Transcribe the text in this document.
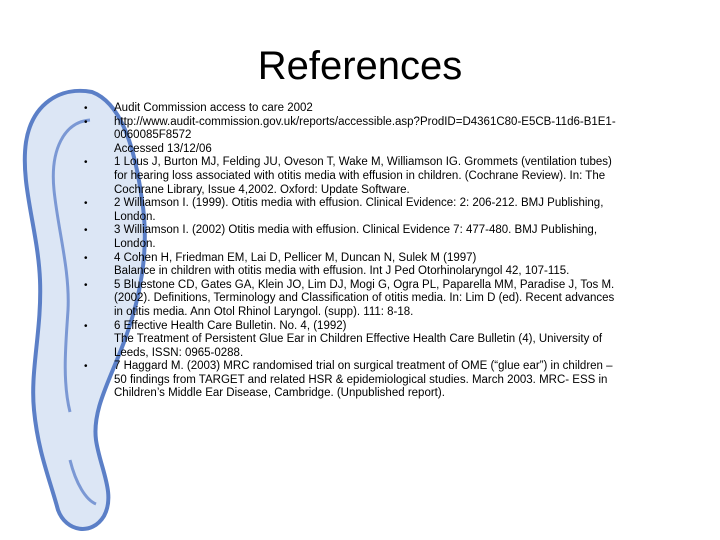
References
• Audit Commission access to care 2002
• http://www.audit-commission.gov.uk/reports/accessible.asp?ProdID=D4361C80-E5CB-11d6-B1E1-
0060085F8572
Accessed 13/12/06
• 1 Lous J, Burton MJ, Felding JU, Oveson T, Wake M, Williamson IG. Grommets (ventilation tubes)
for hearing loss associated with otitis media with effusion in children. (Cochrane Review). In: The
Cochrane Library, Issue 4,2002. Oxford: Update Software.
• 2 Williamson I. (1999). Otitis media with effusion. Clinical Evidence: 2: 206-212. BMJ Publishing,
London.
• 3 Williamson I. (2002) Otitis media with effusion. Clinical Evidence 7: 477-480. BMJ Publishing,
London.
• 4 Cohen H, Friedman EM, Lai D, Pellicer M, Duncan N, Sulek M (1997)
Balance in children with otitis media with effusion. Int J Ped Otorhinolaryngol 42, 107-115.
• 5 Bluestone CD, Gates GA, Klein JO, Lim DJ, Mogi G, Ogra PL, Paparella MM, Paradise J, Tos M.
(2002). Definitions, Terminology and Classification of otitis media. In: Lim D (ed). Recent advances
in otitis media. Ann Otol Rhinol Laryngol. (supp). 111: 8-18.
• 6 Effective Health Care Bulletin. No. 4, (1992)
The Treatment of Persistent Glue Ear in Children Effective Health Care Bulletin (4), University of
Leeds, ISSN: 0965-0288.
• 7 Haggard M. (2003) MRC randomised trial on surgical treatment of OME (“glue ear”) in children –
50 findings from TARGET and related HSR & epidemiological studies. March 2003. MRC- ESS in
Children’s Middle Ear Disease, Cambridge. (Unpublished report).
